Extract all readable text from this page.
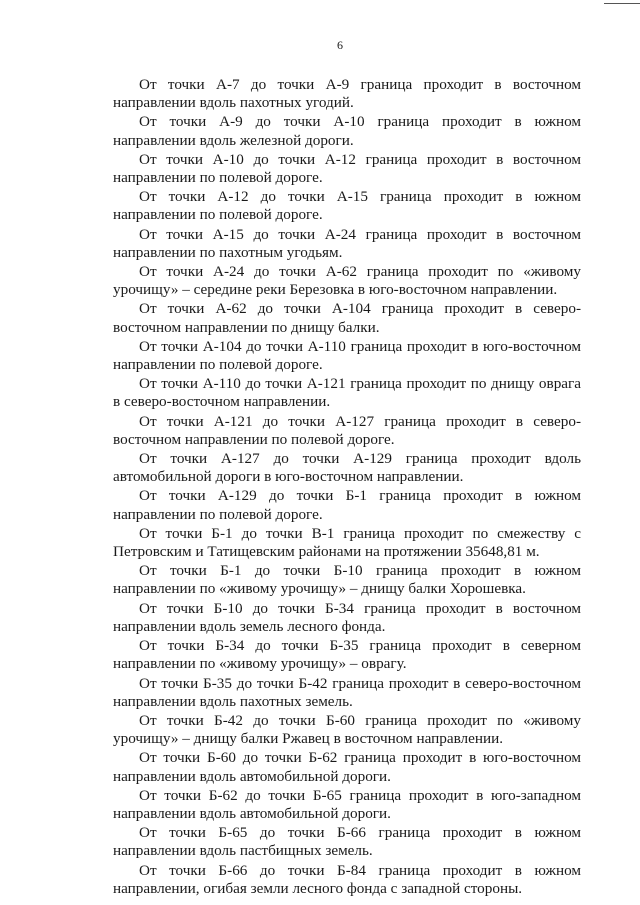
6

От точки А-7 до точки А-9 граница проходит в восточном направлении вдоль пахотных угодий.

От точки А-9 до точки А-10 граница проходит в южном направлении вдоль железной дороги.

От точки А-10 до точки А-12 граница проходит в восточном направлении по полевой дороге.

От точки А-12 до точки А-15 граница проходит в южном направлении по полевой дороге.

От точки А-15 до точки А-24 граница проходит в восточном направлении по пахотным угодьям.

От точки А-24 до точки А-62 граница проходит по «живому урочищу» – середине реки Березовка в юго-восточном направлении.

От точки А-62 до точки А-104 граница проходит в северо-восточном направлении по днищу балки.

От точки А-104 до точки А-110 граница проходит в юго-восточном направлении по полевой дороге.

От точки А-110 до точки А-121 граница проходит по днищу оврага в северо-восточном направлении.

От точки А-121 до точки А-127 граница проходит в северо-восточном направлении по полевой дороге.

От точки А-127 до точки А-129 граница проходит вдоль автомобильной дороги в юго-восточном направлении.

От точки А-129 до точки Б-1 граница проходит в южном направлении по полевой дороге.

От точки Б-1 до точки В-1 граница проходит по смежеству с Петровским и Татищевским районами на протяжении 35648,81 м.

От точки Б-1 до точки Б-10 граница проходит в южном направлении по «живому урочищу» – днищу балки Хорошевка.

От точки Б-10 до точки Б-34 граница проходит в восточном направлении вдоль земель лесного фонда.

От точки Б-34 до точки Б-35 граница проходит в северном направлении по «живому урочищу» – оврагу.

От точки Б-35 до точки Б-42 граница проходит в северо-восточном направлении вдоль пахотных земель.

От точки Б-42 до точки Б-60 граница проходит по «живому урочищу» – днищу балки Ржавец в восточном направлении.

От точки Б-60 до точки Б-62 граница проходит в юго-восточном направлении вдоль автомобильной дороги.

От точки Б-62 до точки Б-65 граница проходит в юго-западном направлении вдоль автомобильной дороги.

От точки Б-65 до точки Б-66 граница проходит в южном направлении вдоль пастбищных земель.

От точки Б-66 до точки Б-84 граница проходит в южном направлении, огибая земли лесного фонда с западной стороны.
